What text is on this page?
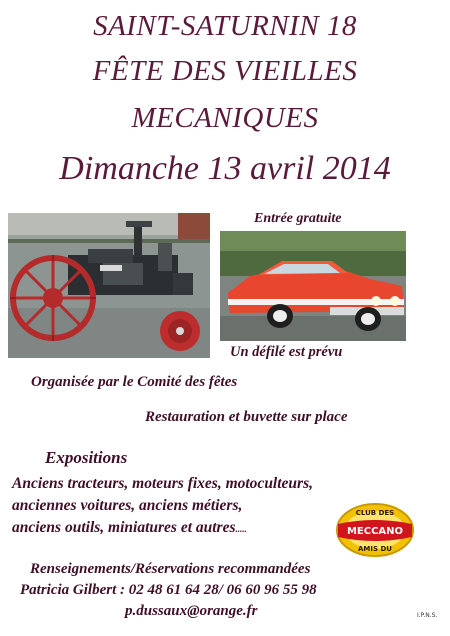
SAINT-SATURNIN 18
FÊTE DES VIEILLES
MECANIQUES
Dimanche 13 avril 2014
Entrée gratuite
Un défilé est prévu
Organisée par le Comité des fêtes
Restauration et buvette sur place
Expositions
Anciens tracteurs, moteurs fixes, motoculteurs,
anciennes voitures, anciens métiers,
anciens outils, miniatures et autres.....
CLUB DES
MECCANO
AMIS DU
Renseignements/Réservations recommandées
Patricia Gilbert : 02 48 61 64 28/ 06 60 96 55 98
p.dussaux@orange.fr	I.P.N.S.
